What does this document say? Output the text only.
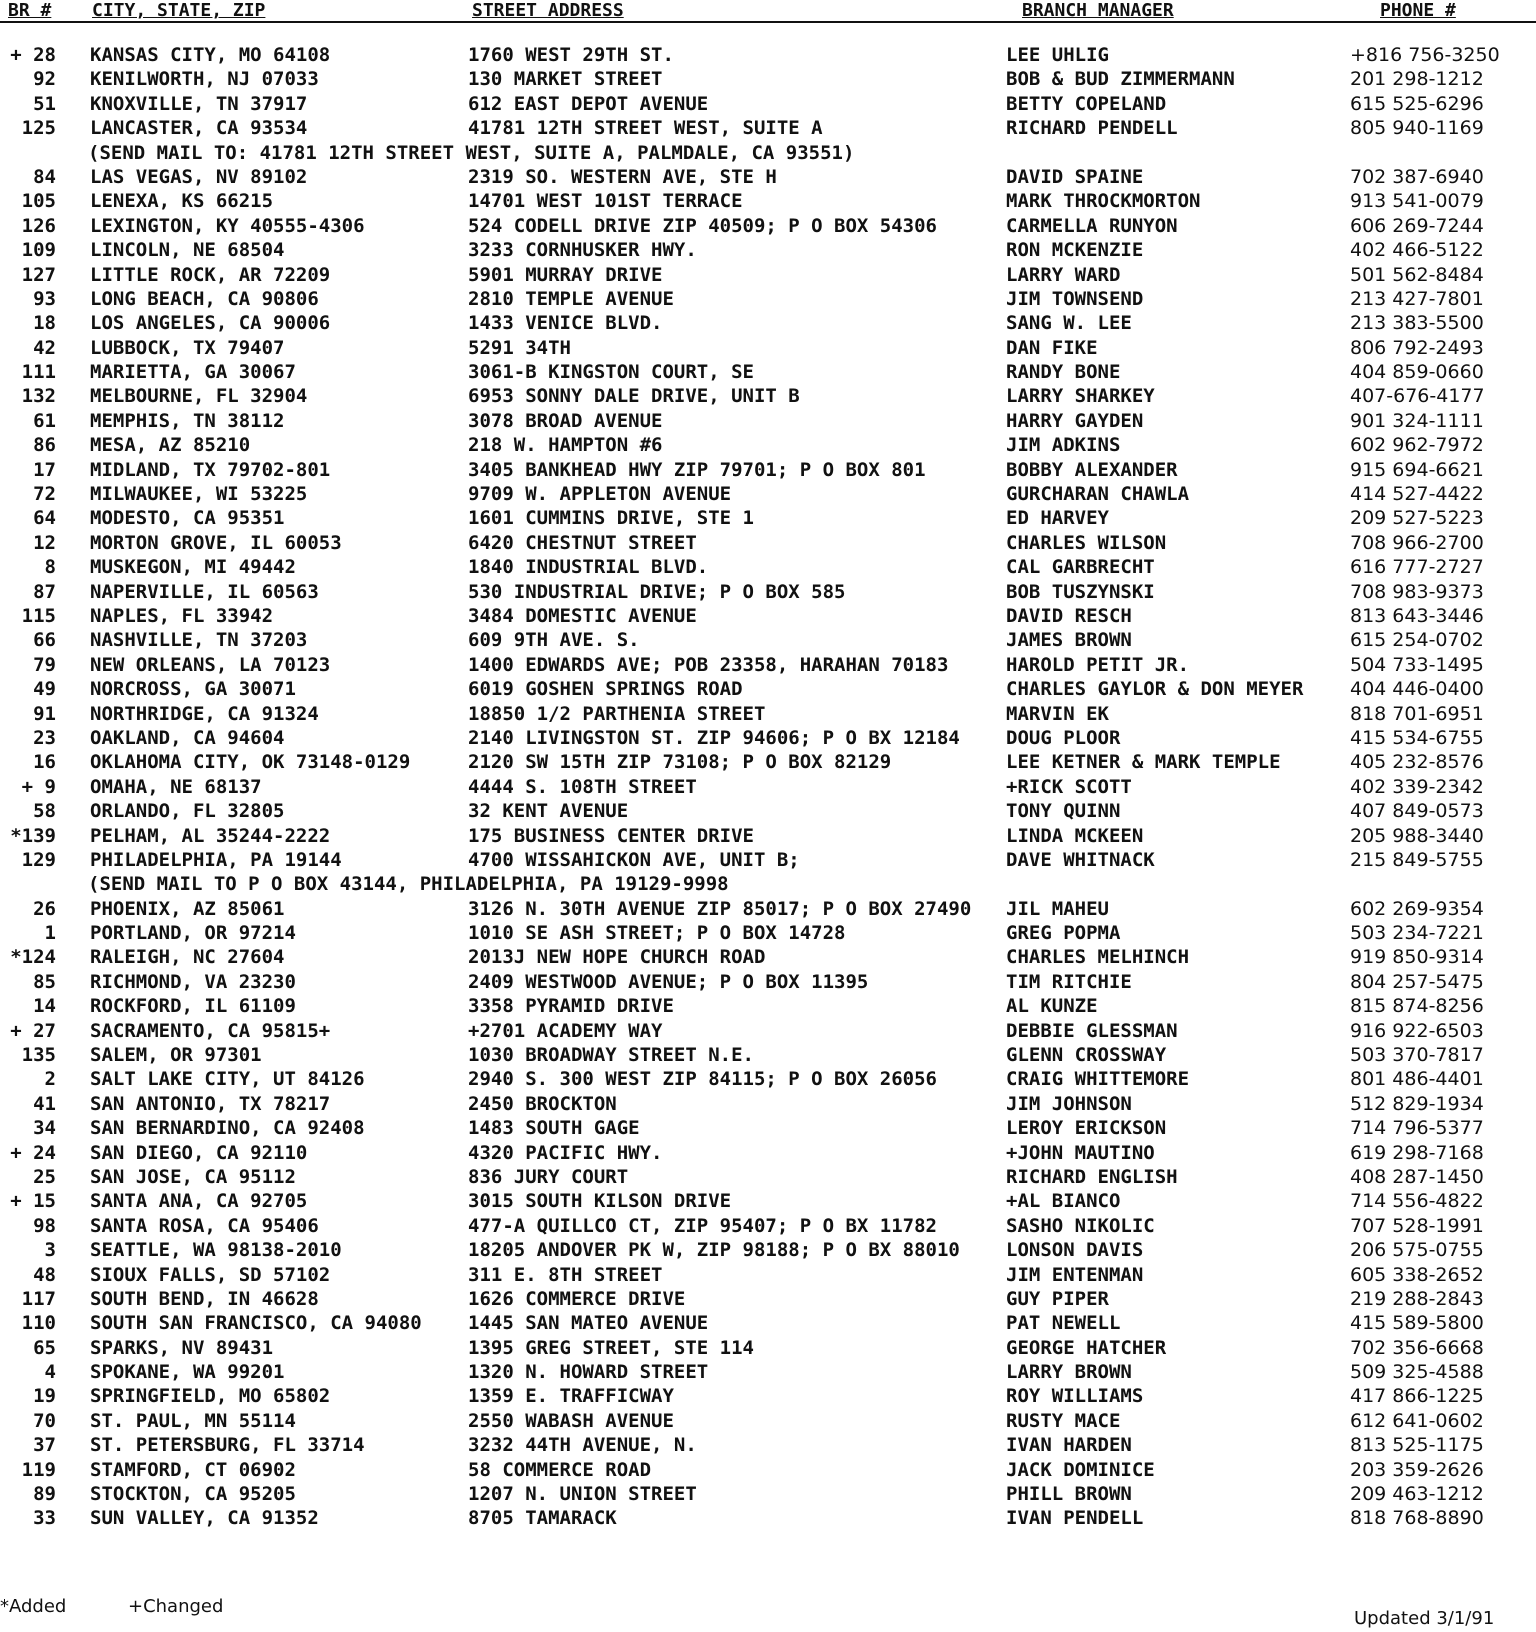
BR # CITY, STATE, ZIP	STREET ADDRESS	BRANCH MANAGER	PHONE #
+ 28 KANSAS CITY, MO 64108	1760 WEST 29TH ST.	LEE UHLIG	+816 756-3250
92 KENILWORTH, NJ 07033	130 MARKET STREET	BOB & BUD ZIMMERMANN	201 298-1212
51 KNOXVILLE, TN 37917	612 EAST DEPOT AVENUE	BETTY COPELAND	615 525-6296
125 LANCASTER, CA 93534	41781 12TH STREET WEST, SUITE A	RICHARD PENDELL	805 940-1169
(SEND MAIL TO: 41781 12TH STREET WEST, SUITE A, PALMDALE, CA 93551)
84 LAS VEGAS, NV 89102	2319 SO. WESTERN AVE, STE H	DAVID SPAINE	702 387-6940
105 LENEXA, KS 66215	14701 WEST 101ST TERRACE	MARK THROCKMORTON	913 541-0079
126 LEXINGTON, KY 40555-4306	524 CODELL DRIVE ZIP 40509; P O BOX 54306	CARMELLA RUNYON	606 269-7244
109 LINCOLN, NE 68504	3233 CORNHUSKER HWY.	RON MCKENZIE	402 466-5122
127 LITTLE ROCK, AR 72209	5901 MURRAY DRIVE	LARRY WARD	501 562-8484
93 LONG BEACH, CA 90806	2810 TEMPLE AVENUE	JIM TOWNSEND	213 427-7801
18 LOS ANGELES, CA 90006	1433 VENICE BLVD.	SANG W. LEE	213 383-5500
42 LUBBOCK, TX 79407	5291 34TH	DAN FIKE	806 792-2493
111 MARIETTA, GA 30067	3061-B KINGSTON COURT, SE	RANDY BONE	404 859-0660
132 MELBOURNE, FL 32904	6953 SONNY DALE DRIVE, UNIT B	LARRY SHARKEY	407-676-4177
61 MEMPHIS, TN 38112	3078 BROAD AVENUE	HARRY GAYDEN	901 324-1111
86 MESA, AZ 85210	218 W. HAMPTON #6	JIM ADKINS	602 962-7972
17 MIDLAND, TX 79702-801	3405 BANKHEAD HWY ZIP 79701; P O BOX 801	BOBBY ALEXANDER	915 694-6621
72 MILWAUKEE, WI 53225	9709 W. APPLETON AVENUE	GURCHARAN CHAWLA	414 527-4422
64 MODESTO, CA 95351	1601 CUMMINS DRIVE, STE 1	ED HARVEY	209 527-5223
12 MORTON GROVE, IL 60053	6420 CHESTNUT STREET	CHARLES WILSON	708 966-2700
8 MUSKEGON, MI 49442	1840 INDUSTRIAL BLVD.	CAL GARBRECHT	616 777-2727
87 NAPERVILLE, IL 60563	530 INDUSTRIAL DRIVE; P O BOX 585	BOB TUSZYNSKI	708 983-9373
115 NAPLES, FL 33942	3484 DOMESTIC AVENUE	DAVID RESCH	813 643-3446
66 NASHVILLE, TN 37203	609 9TH AVE. S.	JAMES BROWN	615 254-0702
79 NEW ORLEANS, LA 70123	1400 EDWARDS AVE; POB 23358, HARAHAN 70183	HAROLD PETIT JR.	504 733-1495
49 NORCROSS, GA 30071	6019 GOSHEN SPRINGS ROAD	CHARLES GAYLOR & DON MEYER 404 446-0400
91 NORTHRIDGE, CA 91324	18850 1/2 PARTHENIA STREET	MARVIN EK	818 701-6951
23 OAKLAND, CA 94604	2140 LIVINGSTON ST. ZIP 94606; P O BX 12184 DOUG PLOOR	415 534-6755
16 OKLAHOMA CITY, OK 73148-0129	2120 SW 15TH ZIP 73108; P O BOX 82129	LEE KETNER & MARK TEMPLE	405 232-8576
+ 9 OMAHA, NE 68137	4444 S. 108TH STREET	+RICK SCOTT	402 339-2342
58 ORLANDO, FL 32805	32 KENT AVENUE	TONY QUINN	407 849-0573
*139 PELHAM, AL 35244-2222	175 BUSINESS CENTER DRIVE	LINDA MCKEEN	205 988-3440
129 PHILADELPHIA, PA 19144	4700 WISSAHICKON AVE, UNIT B;	DAVE WHITNACK	215 849-5755
(SEND MAIL TO P O BOX 43144, PHILADELPHIA, PA 19129-9998
26 PHOENIX, AZ 85061	3126 N. 30TH AVENUE ZIP 85017; P O BOX 27490 JIL MAHEU	602 269-9354
1 PORTLAND, OR 97214	1010 SE ASH STREET; P O BOX 14728	GREG POPMA	503 234-7221
*124 RALEIGH, NC 27604	2013J NEW HOPE CHURCH ROAD	CHARLES MELHINCH	919 850-9314
85 RICHMOND, VA 23230	2409 WESTWOOD AVENUE; P O BOX 11395	TIM RITCHIE	804 257-5475
14 ROCKFORD, IL 61109	3358 PYRAMID DRIVE	AL KUNZE	815 874-8256
+ 27 SACRAMENTO, CA 95815+	+2701 ACADEMY WAY	DEBBIE GLESSMAN	916 922-6503
135 SALEM, OR 97301	1030 BROADWAY STREET N.E.	GLENN CROSSWAY	503 370-7817
2 SALT LAKE CITY, UT 84126	2940 S. 300 WEST ZIP 84115; P O BOX 26056	CRAIG WHITTEMORE	801 486-4401
41 SAN ANTONIO, TX 78217	2450 BROCKTON	JIM JOHNSON	512 829-1934
34 SAN BERNARDINO, CA 92408	1483 SOUTH GAGE	LEROY ERICKSON	714 796-5377
+ 24 SAN DIEGO, CA 92110	4320 PACIFIC HWY.	+JOHN MAUTINO	619 298-7168
25 SAN JOSE, CA 95112	836 JURY COURT	RICHARD ENGLISH	408 287-1450
+ 15 SANTA ANA, CA 92705	3015 SOUTH KILSON DRIVE	+AL BIANCO	714 556-4822
98 SANTA ROSA, CA 95406	477-A QUILLCO CT, ZIP 95407; P O BX 11782	SASHO NIKOLIC	707 528-1991
3 SEATTLE, WA 98138-2010	18205 ANDOVER PK W, ZIP 98188; P O BX 88010 LONSON DAVIS	206 575-0755
48 SIOUX FALLS, SD 57102	311 E. 8TH STREET	JIM ENTENMAN	605 338-2652
117 SOUTH BEND, IN 46628	1626 COMMERCE DRIVE	GUY PIPER	219 288-2843
110 SOUTH SAN FRANCISCO, CA 94080 1445 SAN MATEO AVENUE	PAT NEWELL	415 589-5800
65 SPARKS, NV 89431	1395 GREG STREET, STE 114	GEORGE HATCHER	702 356-6668
4 SPOKANE, WA 99201	1320 N. HOWARD STREET	LARRY BROWN	509 325-4588
19 SPRINGFIELD, MO 65802	1359 E. TRAFFICWAY	ROY WILLIAMS	417 866-1225
70 ST. PAUL, MN 55114	2550 WABASH AVENUE	RUSTY MACE	612 641-0602
37 ST. PETERSBURG, FL 33714	3232 44TH AVENUE, N.	IVAN HARDEN	813 525-1175
119 STAMFORD, CT 06902	58 COMMERCE ROAD	JACK DOMINICE	203 359-2626
89 STOCKTON, CA 95205	1207 N. UNION STREET	PHILL BROWN	209 463-1212
33 SUN VALLEY, CA 91352	8705 TAMARACK	IVAN PENDELL	818 768-8890
*Added	+Changed
Updated 3/1/91
